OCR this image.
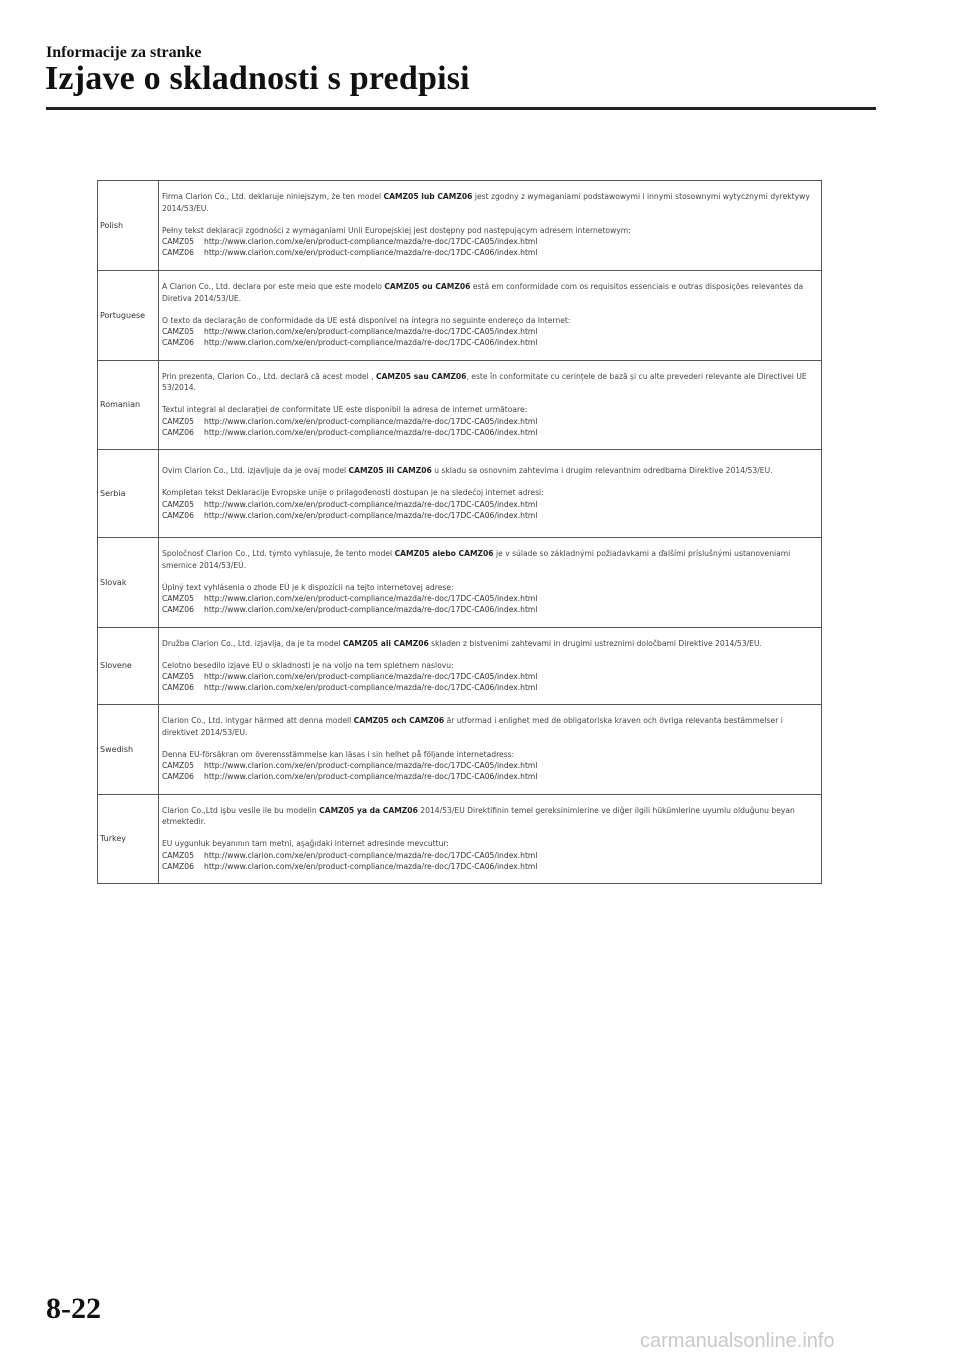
Informacije za stranke
Izjave o skladnosti s predpisi
Polish	Firma Clarion Co., Ltd. deklaruje niniejszym, że ten model CAMZ05 lub CAMZ06 jest zgodny z wymaganiami podstawowymi i innymi stosownymi wytycznymi dyrektywy 2014/53/EU.

Pełny tekst deklaracji zgodności z wymaganiami Unii Europejskiej jest dostępny pod następującym adresem internetowym:

CAMZ05 http://www.clarion.com/xe/en/product-compliance/mazda/re-doc/17DC-CA05/index.html
CAMZ06 http://www.clarion.com/xe/en/product-compliance/mazda/re-doc/17DC-CA06/index.html

Portuguese	A Clarion Co., Ltd. declara por este meio que este modelo CAMZ05 ou CAMZ06 está em conformidade com os requisitos essenciais e outras disposições relevantes da Diretiva 2014/53/UE.

O texto da declaração de conformidade da UE está disponível na íntegra no seguinte endereço da Internet:

CAMZ05 http://www.clarion.com/xe/en/product-compliance/mazda/re-doc/17DC-CA05/index.html
CAMZ06 http://www.clarion.com/xe/en/product-compliance/mazda/re-doc/17DC-CA06/index.html

Romanian	Prin prezenta, Clarion Co., Ltd. declară că acest model , CAMZ05 sau CAMZ06, este în conformitate cu cerințele de bază și cu alte prevederi relevante ale Directivei UE 53/2014.

Textul integral al declarației de conformitate UE este disponibil la adresa de internet următoare:

CAMZ05 http://www.clarion.com/xe/en/product-compliance/mazda/re-doc/17DC-CA05/index.html
CAMZ06 http://www.clarion.com/xe/en/product-compliance/mazda/re-doc/17DC-CA06/index.html

Serbia	Ovim Clarion Co., Ltd. izjavljuje da je ovaj model CAMZ05 ili CAMZ06 u skladu sa osnovnim zahtevima i drugim relevantnim odredbama Direktive 2014/53/EU.

Kompletan tekst Deklaracije Evropske unije o prilagođenosti dostupan je na sledećoj internet adresi:

CAMZ05 http://www.clarion.com/xe/en/product-compliance/mazda/re-doc/17DC-CA05/index.html
CAMZ06 http://www.clarion.com/xe/en/product-compliance/mazda/re-doc/17DC-CA06/index.html

Slovak	Spoločnosť Clarion Co., Ltd. týmto vyhlasuje, že tento model CAMZ05 alebo CAMZ06 je v súlade so základnými požiadavkami a ďalšími príslušnými ustanoveniami smernice 2014/53/EÚ.

Úplný text vyhlásenia o zhode EÚ je k dispozícii na tejto internetovej adrese:

CAMZ05 http://www.clarion.com/xe/en/product-compliance/mazda/re-doc/17DC-CA05/index.html
CAMZ06 http://www.clarion.com/xe/en/product-compliance/mazda/re-doc/17DC-CA06/index.html

Slovene	Družba Clarion Co., Ltd. izjavlja, da je ta model CAMZ05 ali CAMZ06 skladen z bistvenimi zahtevami in drugimi ustreznimi določbami Direktive 2014/53/EU.

Celotno besedilo izjave EU o skladnosti je na voljo na tem spletnem naslovu:

CAMZ05 http://www.clarion.com/xe/en/product-compliance/mazda/re-doc/17DC-CA05/index.html
CAMZ06 http://www.clarion.com/xe/en/product-compliance/mazda/re-doc/17DC-CA06/index.html

Swedish	Clarion Co., Ltd. intygar härmed att denna modell CAMZ05 och CAMZ06 är utformad i enlighet med de obligatoriska kraven och övriga relevanta bestämmelser i direktivet 2014/53/EU.

Denna EU-försäkran om överensstämmelse kan läsas i sin helhet på följande internetadress:

CAMZ05 http://www.clarion.com/xe/en/product-compliance/mazda/re-doc/17DC-CA05/index.html
CAMZ06 http://www.clarion.com/xe/en/product-compliance/mazda/re-doc/17DC-CA06/index.html

Turkey	Clarion Co.,Ltd işbu vesile ile bu modelin CAMZ05 ya da CAMZ06 2014/53/EU Direktifinin temel gereksinimlerine ve diğer ilgili hükümlerine uyumlu olduğunu beyan etmektedir.

EU uygunluk beyanının tam metni, aşağıdaki internet adresinde mevcuttur:

CAMZ05 http://www.clarion.com/xe/en/product-compliance/mazda/re-doc/17DC-CA05/index.html
CAMZ06 http://www.clarion.com/xe/en/product-compliance/mazda/re-doc/17DC-CA06/index.html
8-22
carmanualsonline.info
